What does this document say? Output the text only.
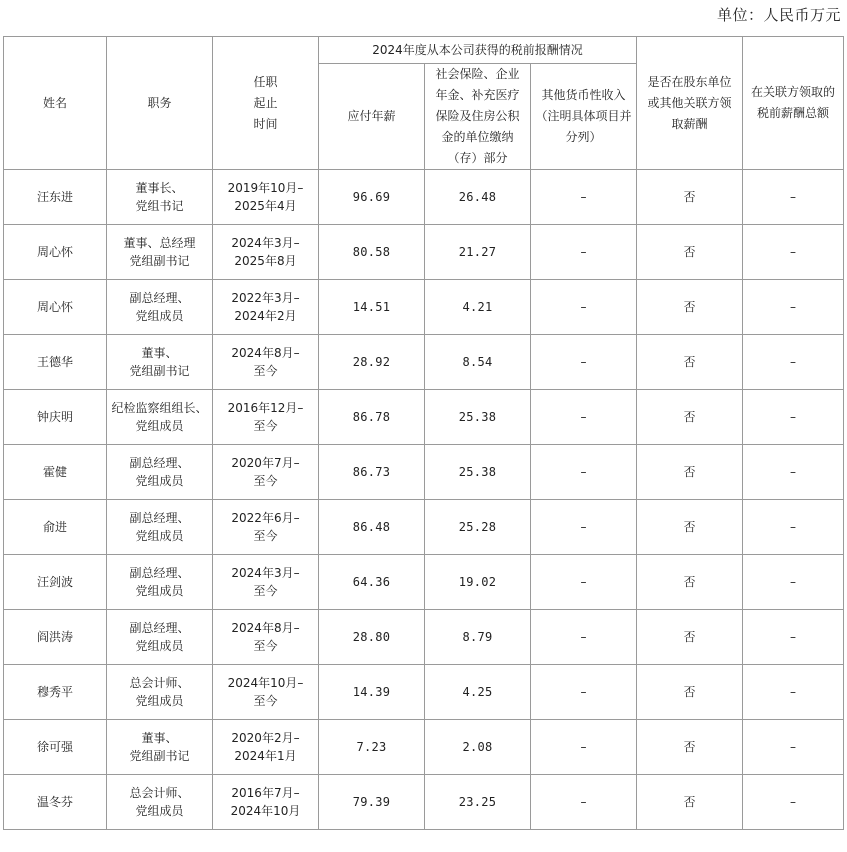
单位：人民币万元
姓名	职务	任职
起止
时间	2024年度从本公司获得的税前报酬情况			是否在股东单位或其他关联方领取薪酬	在关联方领取的税前薪酬总额
			应付年薪	社会保险、企业年金、补充医疗保险及住房公积金的单位缴纳（存）部分	其他货币性收入
（注明具体项目并
分列）		

汪东进	董事长、
党组书记	2019年10月–
2025年4月	96.69	26.48	–	否	–
周心怀	董事、总经理
党组副书记	2024年3月–
2025年8月	80.58	21.27	–	否	–
周心怀	副总经理、
党组成员	2022年3月–
2024年2月	14.51	4.21	–	否	–
王德华	董事、
党组副书记	2024年8月–
至今	28.92	8.54	–	否	–
钟庆明	纪检监察组组长、
党组成员	2016年12月–
至今	86.78	25.38	–	否	–
霍健	副总经理、
党组成员	2020年7月–
至今	86.73	25.38	–	否	–
俞进	副总经理、
党组成员	2022年6月–
至今	86.48	25.28	–	否	–
汪剑波	副总经理、
党组成员	2024年3月–
至今	64.36	19.02	–	否	–
阎洪涛	副总经理、
党组成员	2024年8月–
至今	28.80	8.79	–	否	–
穆秀平	总会计师、
党组成员	2024年10月–
至今	14.39	4.25	–	否	–
徐可强	董事、
党组副书记	2020年2月–
2024年1月	7.23	2.08	–	否	–
温冬芬	总会计师、
党组成员	2016年7月–
2024年10月	79.39	23.25	–	否	–
